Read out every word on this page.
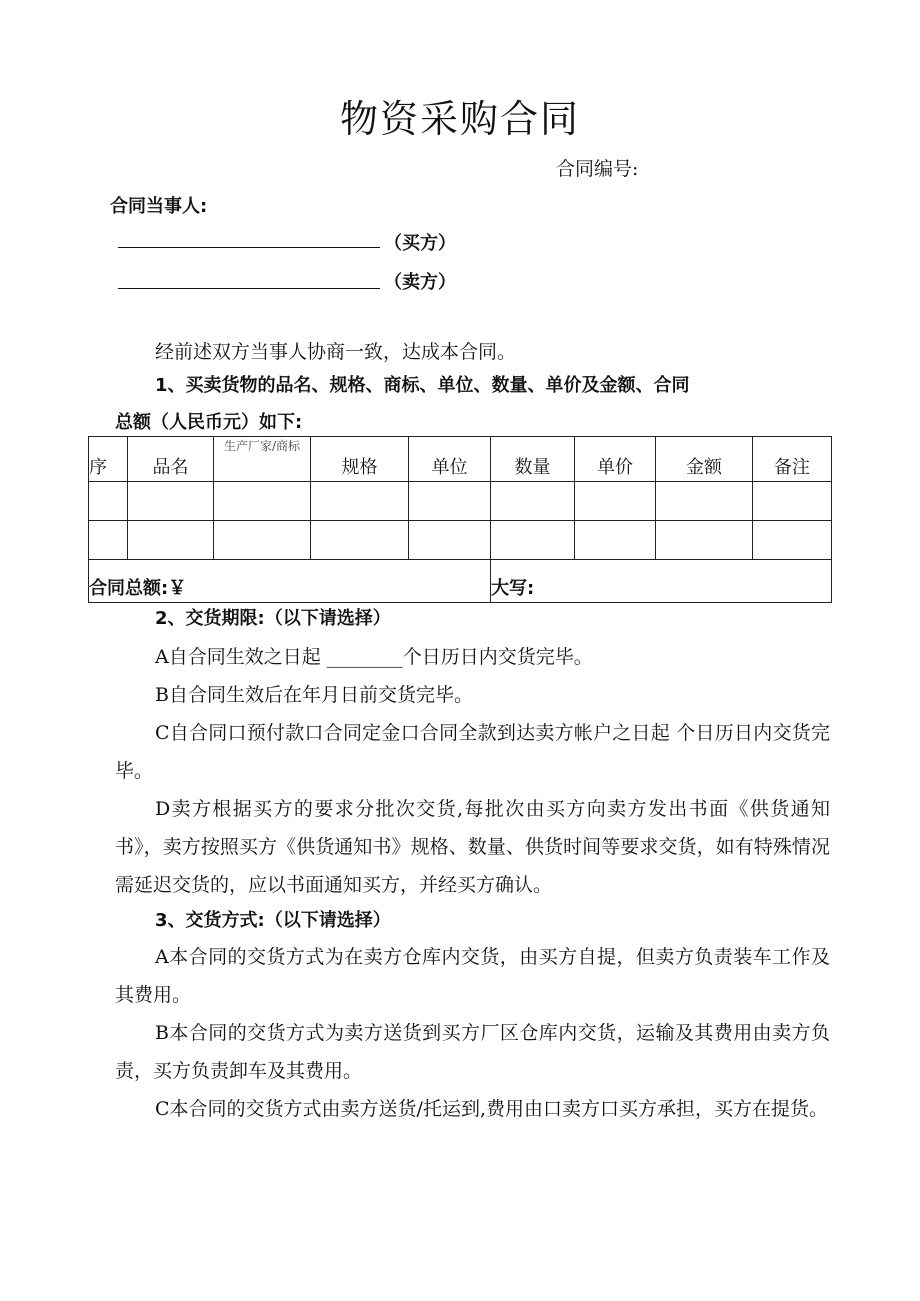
物资采购合同
合同编号:
合同当事人:
（买方）
（卖方）
经前述双方当事人协商一致，达成本合同。
1、买卖货物的品名、规格、商标、单位、数量、单价及金额、合同
总额（人民币元）如下:
序	品名	生产厂家/商标	规格	单位	数量	单价	金额	备注

合同总额:￥					大写:			
2、交货期限:（以下请选择）
A自合同生效之日起 ________个日历日内交货完毕。
B自合同生效后在年月日前交货完毕。
C自合同口预付款口合同定金口合同全款到达卖方帐户之日起 个日历日内交货完毕。
D卖方根据买方的要求分批次交货,每批次由买方向卖方发出书面《供货通知书》，卖方按照买方《供货通知书》规格、数量、供货时间等要求交货，如有特殊情况需延迟交货的，应以书面通知买方，并经买方确认。
3、交货方式:（以下请选择）
A本合同的交货方式为在卖方仓库内交货，由买方自提，但卖方负责装车工作及其费用。
B本合同的交货方式为卖方送货到买方厂区仓库内交货，运输及其费用由卖方负责，买方负责卸车及其费用。
C本合同的交货方式由卖方送货/托运到,费用由口卖方口买方承担，买方在提货。
